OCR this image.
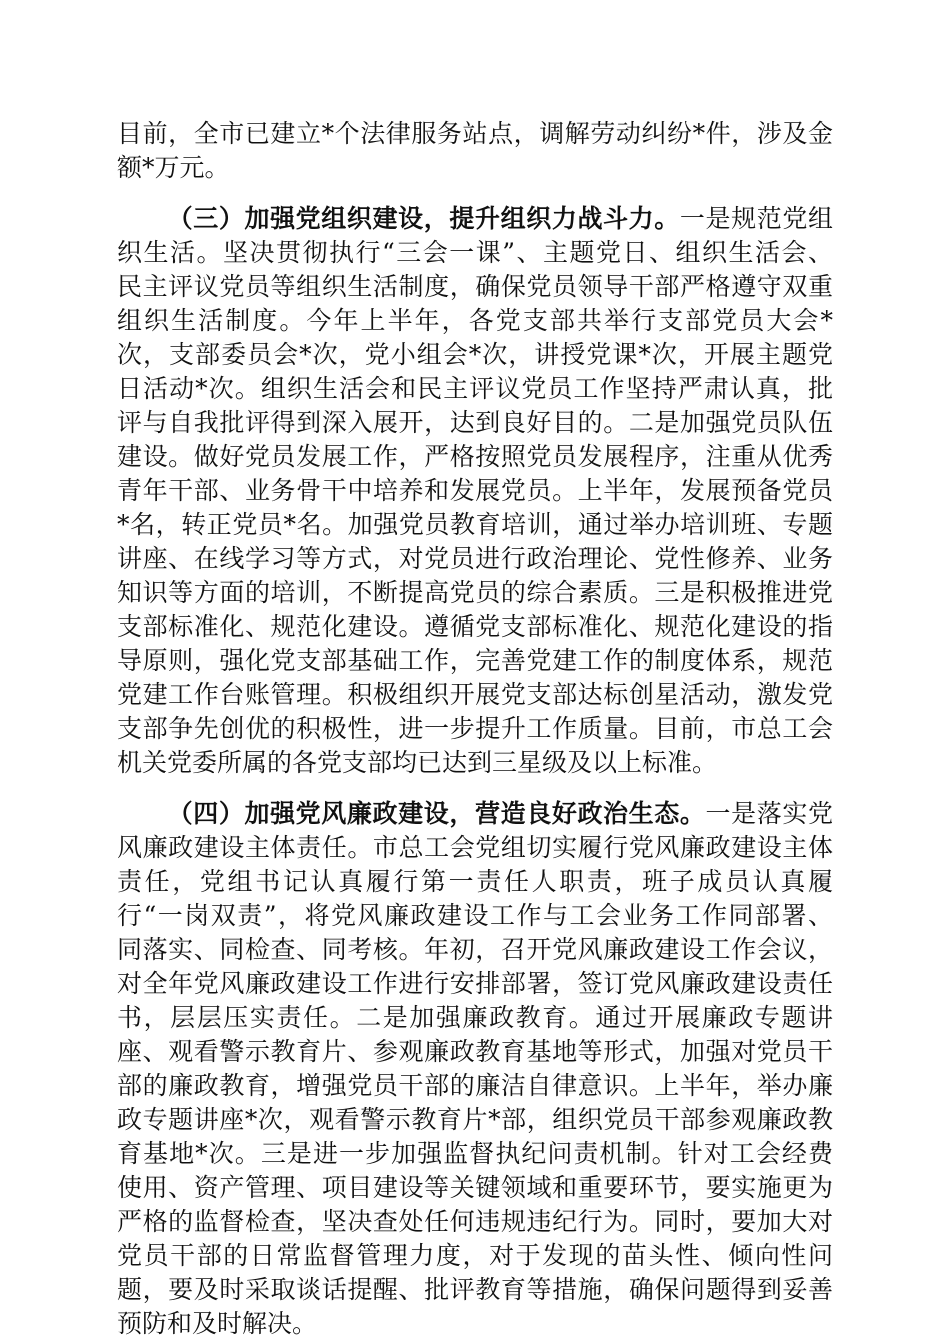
目前，全市已建立*个法律服务站点，调解劳动纠纷*件，涉及金
额*万元。
（三）加强党组织建设，提升组织力战斗力。一是规范党组
织生活。坚决贯彻执行“三会一课”、主题党日、组织生活会、
民主评议党员等组织生活制度，确保党员领导干部严格遵守双重
组织生活制度。今年上半年，各党支部共举行支部党员大会*
次，支部委员会*次，党小组会*次，讲授党课*次，开展主题党
日活动*次。组织生活会和民主评议党员工作坚持严肃认真，批
评与自我批评得到深入展开，达到良好目的。二是加强党员队伍
建设。做好党员发展工作，严格按照党员发展程序，注重从优秀
青年干部、业务骨干中培养和发展党员。上半年，发展预备党员
*名，转正党员*名。加强党员教育培训，通过举办培训班、专题
讲座、在线学习等方式，对党员进行政治理论、党性修养、业务
知识等方面的培训，不断提高党员的综合素质。三是积极推进党
支部标准化、规范化建设。遵循党支部标准化、规范化建设的指
导原则，强化党支部基础工作，完善党建工作的制度体系，规范
党建工作台账管理。积极组织开展党支部达标创星活动，激发党
支部争先创优的积极性，进一步提升工作质量。目前，市总工会
机关党委所属的各党支部均已达到三星级及以上标准。
（四）加强党风廉政建设，营造良好政治生态。一是落实党
风廉政建设主体责任。市总工会党组切实履行党风廉政建设主体
责任，党组书记认真履行第一责任人职责，班子成员认真履
行“一岗双责”，将党风廉政建设工作与工会业务工作同部署、
同落实、同检查、同考核。年初，召开党风廉政建设工作会议，
对全年党风廉政建设工作进行安排部署，签订党风廉政建设责任
书，层层压实责任。二是加强廉政教育。通过开展廉政专题讲
座、观看警示教育片、参观廉政教育基地等形式，加强对党员干
部的廉政教育，增强党员干部的廉洁自律意识。上半年，举办廉
政专题讲座*次，观看警示教育片*部，组织党员干部参观廉政教
育基地*次。三是进一步加强监督执纪问责机制。针对工会经费
使用、资产管理、项目建设等关键领域和重要环节，要实施更为
严格的监督检查，坚决查处任何违规违纪行为。同时，要加大对
党员干部的日常监督管理力度，对于发现的苗头性、倾向性问
题，要及时采取谈话提醒、批评教育等措施，确保问题得到妥善
预防和及时解决。
